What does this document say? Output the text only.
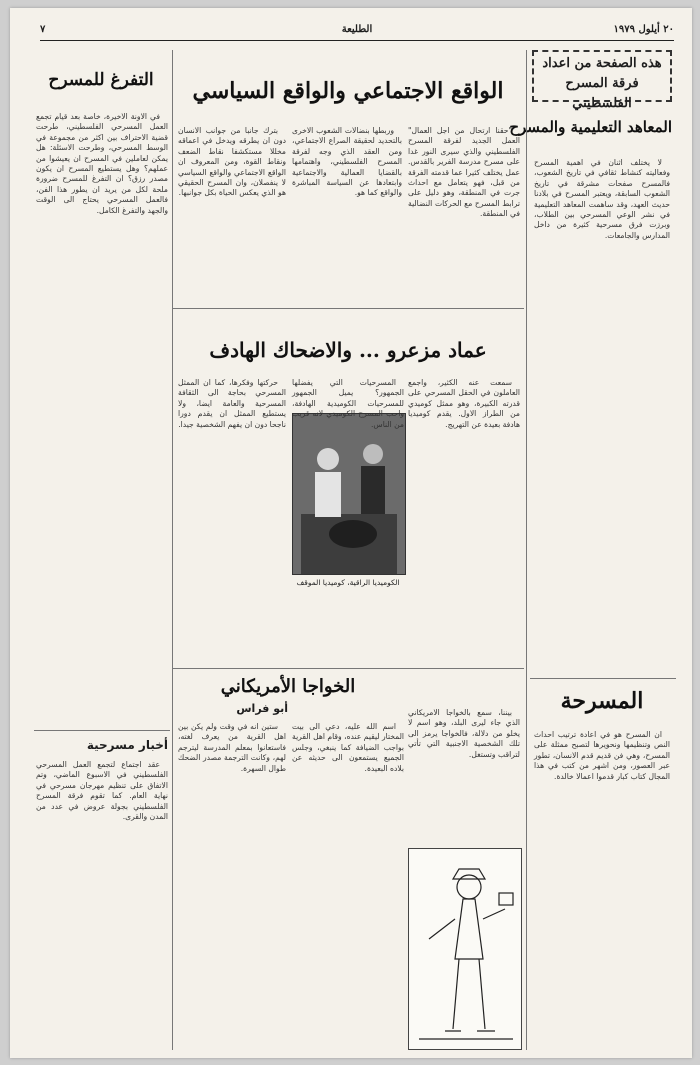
٢٠ أيلول ١٩٧٩
الطليعة
٧
هذه الصفحة من اعداد
فرقة المسرح الفلسطيني
المعاهد التعليمية والمسرح

لا يختلف اثنان في اهمية المسرح وفعاليته كنشاط ثقافي في تاريخ الشعوب، فالمسرح صفحات مشرقة في تاريخ الشعوب السابقة، ويعتبر المسرح في بلادنا حديث العهد، وقد ساهمت المعاهد التعليمية في نشر الوعي المسرحي بين الطلاب، وبرزت فرق مسرحية كثيرة من داخل المدارس والجامعات.

المسرحة

ان المسرح هو في اعادة ترتيب احداث النص وتنظيمها ونحويرها لتصبح ممثلة على المسرح، وهي فن قديم قدم الانسان، تطور عبر العصور، ومن اشهر من كتب في هذا المجال كتاب كبار قدموا اعمالا خالدة.

الواقع الاجتماعي والواقع السياسي

"حقنا ارتحال من اجل العمال" العمل الجديد لفرقة المسرح الفلسطيني والذي سيرى النور غدا على مسرح مدرسة الفرير بالقدس. عمل يختلف كثيرا عما قدمته الفرقة من قبل، فهو يتعامل مع احداث جرت في المنطقة، وهو دليل على ترابط المسرح مع الحركات النضالية في المنطقة.

وربطها بنضالات الشعوب الاخرى بالتحديد لحقيقة الصراع الاجتماعي، ومن العقد الذي وجه لفرقة المسرح الفلسطيني، واهتمامها بالقضايا العمالية والاجتماعية وابتعادها عن السياسة المباشرة والواقع كما هو.

بترك جانبا من جوانب الانسان دون ان يطرقه ويدخل في اعماقه مخللا مستكشفا نقاط الضعف ونقاط القوة، ومن المعروف ان الواقع الاجتماعي والواقع السياسي لا ينفصلان، وان المسرح الحقيقي هو الذي يعكس الحياة بكل جوانبها.

عماد مزعرو ... والاضحاك الهادف

سمعت عنه الكثير، واجمع العاملون في الحقل المسرحي على قدرته الكبيرة، وهو ممثل كوميدي من الطراز الاول. يقدم كوميديا هادفة بعيدة عن التهريج.

الكوميديا الراقية، كوميديا الموقف

المسرحيات التي يفضلها الجمهور؟ يميل الجمهور للمسرحيات الكوميدية الهادفة، واحب المسرح الكوميدي لانه قريب من الناس.

حركتها وفكرها، كما ان الممثل المسرحي بحاجة الى الثقافة المسرحية والعامة ايضا، ولا يستطيع الممثل ان يقدم دورا ناجحا دون ان يفهم الشخصية جيدا.

الخواجا الأمريكاني
أبو فراس	بيننا، سمع بالخواجا الامريكاني الذي جاء ليرى البلد، وهو اسم لا يخلو من دلالة، فالخواجا يرمز الى تلك الشخصية الاجنبية التي تأتي لتراقب وتستغل.

اسم الله عليه، دعي الى بيت المختار ليقيم عنده، وقام اهل القرية بواجب الضيافة كما ينبغي، وجلس الجميع يستمعون الى حديثه عن بلاده البعيدة.

ستين انه في وقت ولم يكن بين اهل القرية من يعرف لغته، فاستعانوا بمعلم المدرسة ليترجم لهم، وكانت الترجمة مصدر الضحك طوال السهرة.

التفرغ للمسرح

في الاونة الاخيرة، خاصة بعد قيام تجمع العمل المسرحي الفلسطيني، طرحت قضية الاحتراف بين اكثر من مجموعة في الوسط المسرحي، وطرحت الاسئلة: هل يمكن لعاملين في المسرح ان يعيشوا من عملهم؟ وهل يستطيع المسرح ان يكون مصدر رزق؟ ان التفرغ للمسرح ضرورة ملحة لكل من يريد ان يطور هذا الفن، فالعمل المسرحي يحتاج الى الوقت والجهد والتفرغ الكامل.

أخبار مسرحية

عقد اجتماع لتجمع العمل المسرحي الفلسطيني في الاسبوع الماضي، وتم الاتفاق على تنظيم مهرجان مسرحي في نهاية العام. كما تقوم فرقة المسرح الفلسطيني بجولة عروض في عدد من المدن والقرى.
